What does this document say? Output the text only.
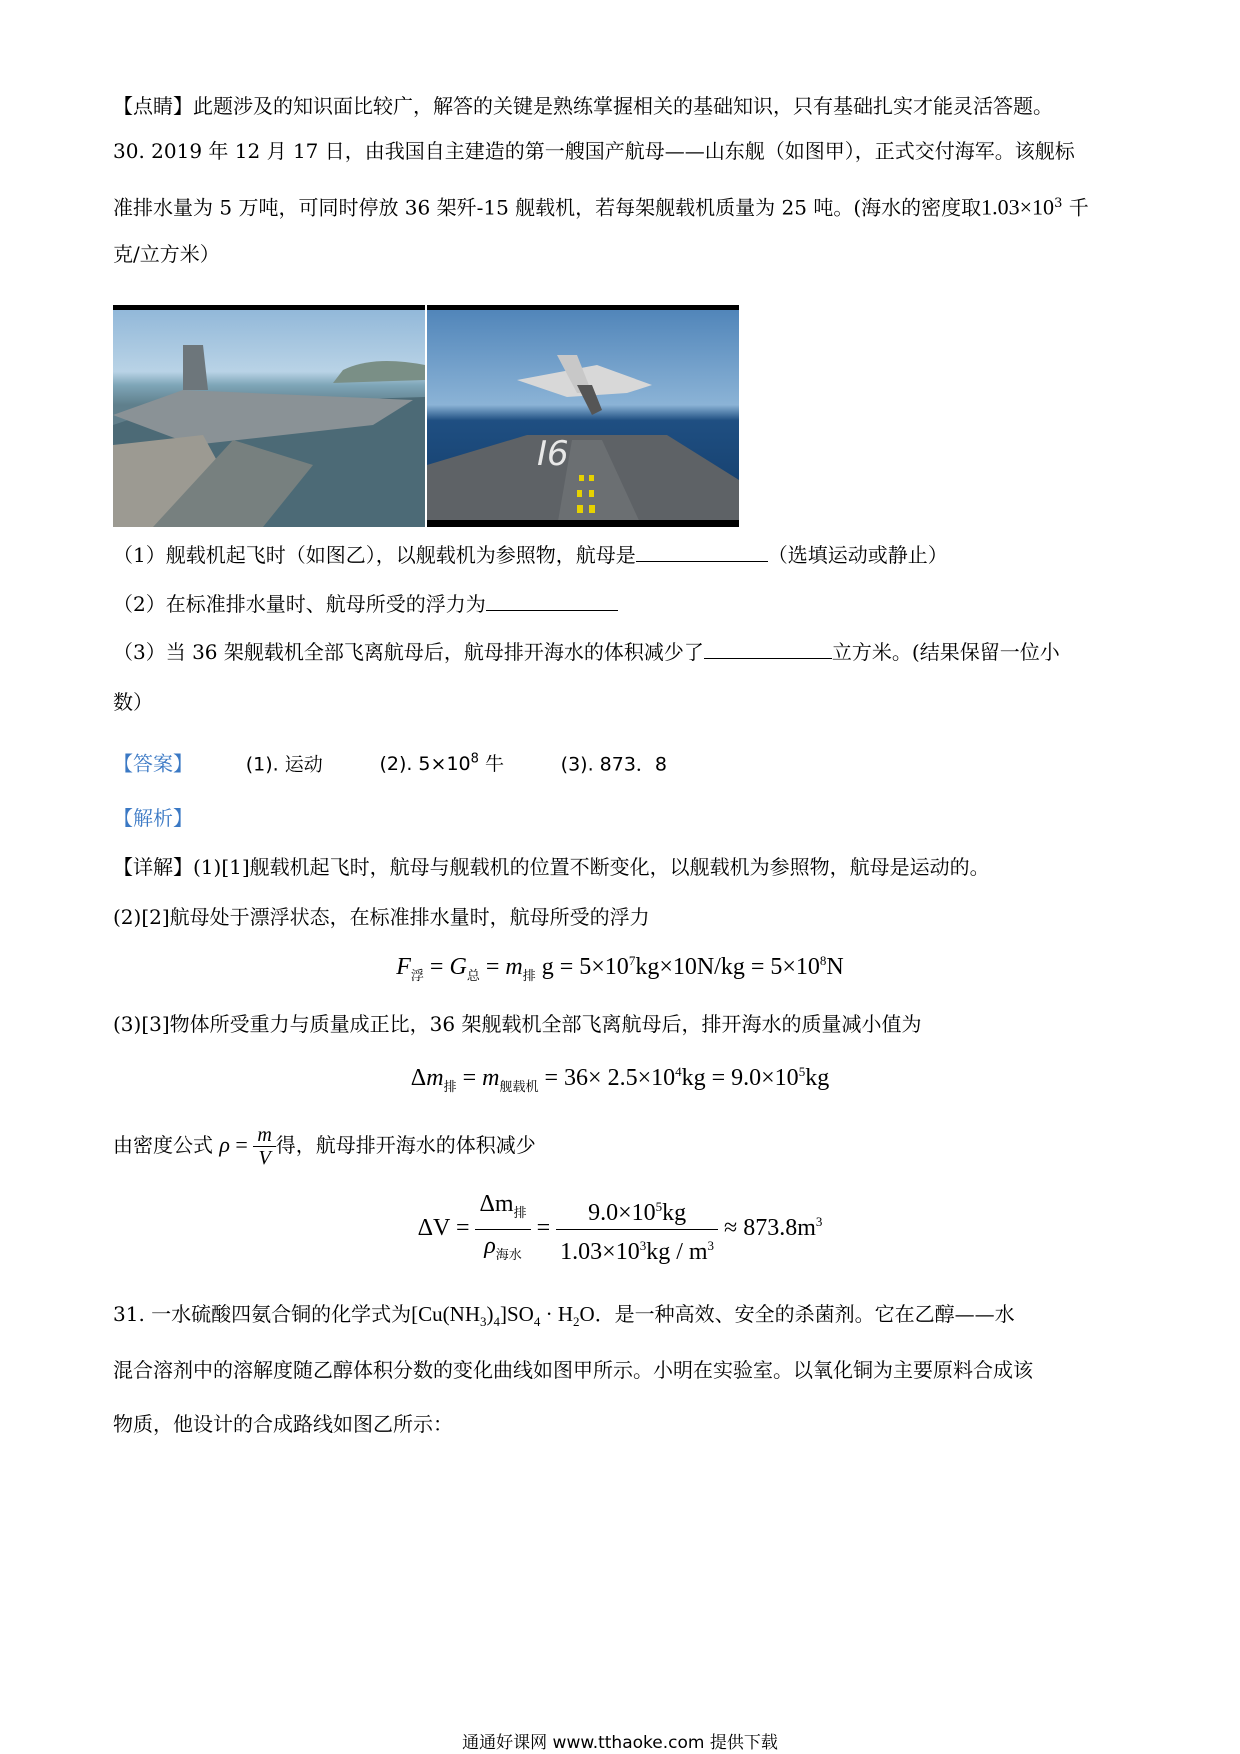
【点睛】此题涉及的知识面比较广，解答的关键是熟练掌握相关的基础知识，只有基础扎实才能灵活答题。
30. 2019 年 12 月 17 日，由我国自主建造的第一艘国产航母——山东舰（如图甲），正式交付海军。该舰标
准排水量为 5 万吨，可同时停放 36 架歼-15 舰载机，若每架舰载机质量为 25 吨。(海水的密度取$1.03\times 10^3$ 千
克/立方米）
I6
（1）舰载机起飞时（如图乙），以舰载机为参照物，航母是	（选填运动或静止）
（2）在标准排水量时、航母所受的浮力为
（3）当 36 架舰载机全部飞离航母后，航母排开海水的体积减少了	立方米。(结果保留一位小
数）
【答案】	(1). 运动	(2). $5\times 10^8$ 牛	(3). 873．8
【解析】
【详解】(1)[1]舰载机起飞时，航母与舰载机的位置不断变化，以舰载机为参照物，航母是运动的。
(2)[2]航母处于漂浮状态，在标准排水量时，航母所受的浮力
$F_浮 = G_总 = m_排$ $g = 5\times 10^7kg\times 10N/kg = 5\times 10^8N$
(3)[3]物体所受重力与质量成正比，36 架舰载机全部飞离航母后，排开海水的质量减小值为
$\Delta m_排 = m_{舰载机} = 36\times 2.5\times 10^4kg = 9.0\times 10^5kg$
由密度公式 $\rho = \frac{m}{V}$ 得，航母排开海水的体积减少
$\Delta V = \frac{\Delta m_排}{\rho_{海水}} = \frac{9.0\times 10^5kg}{1.03\times 10^3kg / m^3} \approx 873.8m^3$
31. 一水硫酸四氨合铜的化学式为$[Cu(NH_3)_4]SO_4 \cdot H_2O$．是一种高效、安全的杀菌剂。它在乙醇——水
混合溶剂中的溶解度随乙醇体积分数的变化曲线如图甲所示。小明在实验室。以氧化铜为主要原料合成该
物质，他设计的合成路线如图乙所示：
通通好课网 www.tthaoke.com 提供下载
